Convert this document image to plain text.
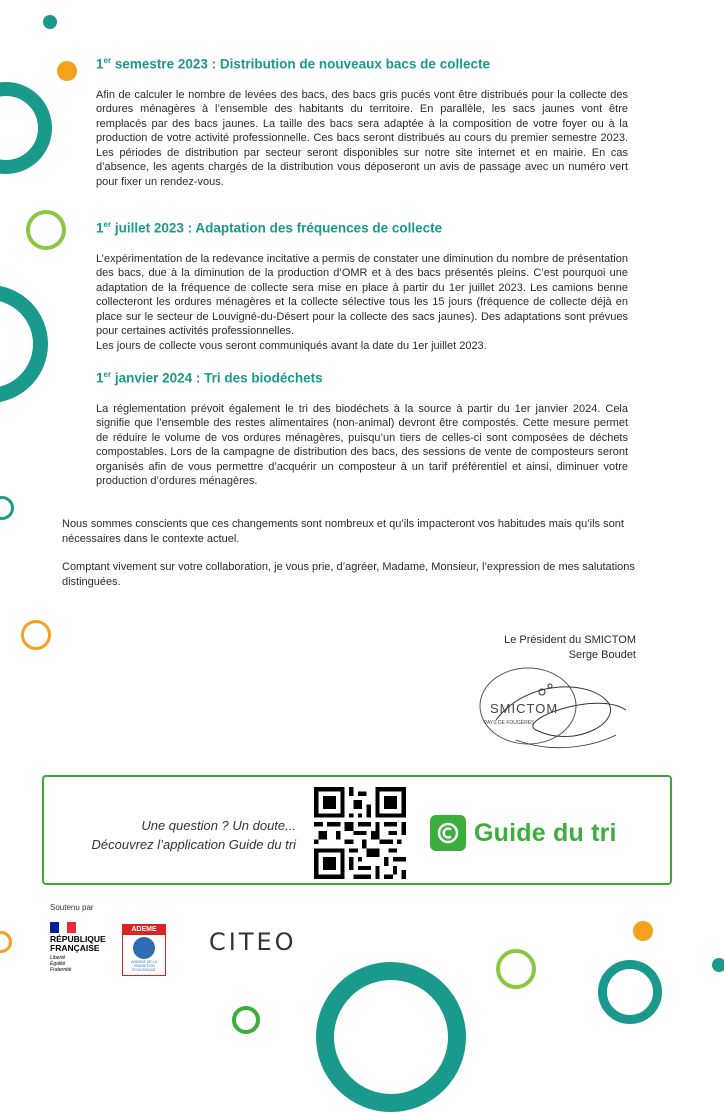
1er semestre 2023 : Distribution de nouveaux bacs de collecte

Afin de calculer le nombre de levées des bacs, des bacs gris pucés vont être distribués pour la collecte des ordures ménagères à l’ensemble des habitants du territoire. En parallèle, les sacs jaunes vont être remplacés par des bacs jaunes. La taille des bacs sera adaptée à la composition de votre foyer ou à la production de votre activité professionnelle. Ces bacs seront distribués au cours du premier semestre 2023. Les périodes de distribution par secteur seront disponibles sur notre site internet et en mairie. En cas d’absence, les agents chargés de la distribution vous déposeront un avis de passage avec un numéro vert pour fixer un rendez-vous.

1er juillet 2023 : Adaptation des fréquences de collecte

L’expérimentation de la redevance incitative a permis de constater une diminution du nombre de présentation des bacs, due à la diminution de la production d’OMR et à des bacs présentés pleins. C’est pourquoi une adaptation de la fréquence de collecte sera mise en place à partir du 1er juillet 2023. Les camions benne collecteront les ordures ménagères et la collecte sélective tous les 15 jours (fréquence de collecte déjà en place sur le secteur de Louvigné-du-Désert pour la collecte des sacs jaunes). Des adaptations sont prévues pour certaines activités professionnelles.

Les jours de collecte vous seront communiqués avant la date du 1er juillet 2023.

1er janvier 2024 : Tri des biodéchets

La réglementation prévoit également le tri des biodéchets à la source à partir du 1er janvier 2024. Cela signifie que l’ensemble des restes alimentaires (non-animal) devront être compostés. Cette mesure permet de réduire le volume de vos ordures ménagères, puisqu’un tiers de celles-ci sont composées de déchets compostables. Lors de la campagne de distribution des bacs, des sessions de vente de composteurs seront organisés afin de vous permettre d’acquérir un composteur à un tarif préférentiel et ainsi, diminuer votre production d’ordures ménagères.

Nous sommes conscients que ces changements sont nombreux et qu’ils impacteront vos habitudes mais qu’ils sont nécessaires dans le contexte actuel.

Comptant vivement sur votre collaboration, je vous prie, d’agréer, Madame, Monsieur, l’expression de mes salutations distinguées.

Le Président du SMICTOM
Serge Boudet
SMICTOM
PAYS DE FOUGÈRES
Une question ? Un doute...
Découvrez l’application Guide du tri	Guide du tri
Soutenu par
RÉPUBLIQUE
FRANÇAISE
Liberté
Égalité
Fraternité
ADEME
AGENCE DE LA TRANSITION ÉCOLOGIQUE
CITEO
